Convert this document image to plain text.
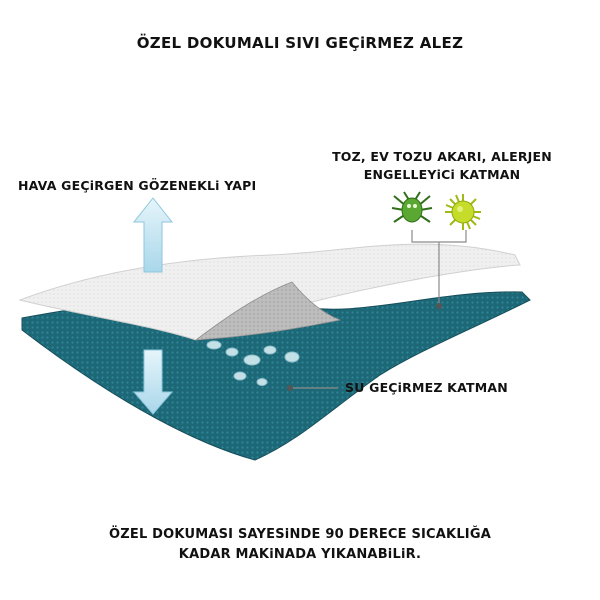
ÖZEL DOKUMALI SIVI GEÇiRMEZ ALEZ
HAVA GEÇiRGEN GÖZENEKLi YAPI
TOZ, EV TOZU AKARI, ALERJEN
ENGELLEYiCi KATMAN
SU GEÇiRMEZ KATMAN
ÖZEL DOKUMASI SAYESiNDE 90 DERECE SICAKLIĞA
KADAR MAKiNADA YIKANABiLiR.
